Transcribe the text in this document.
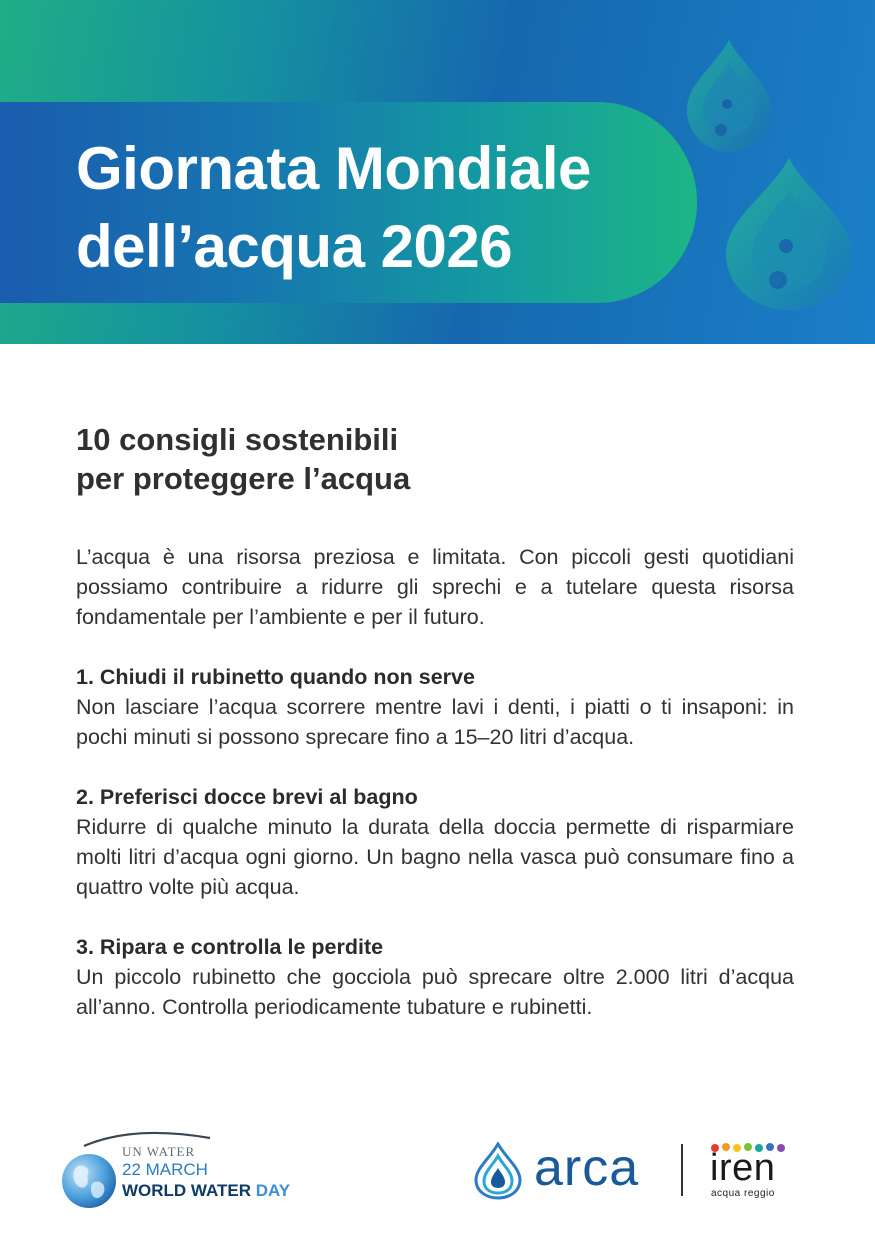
Giornata Mondiale
dell’acqua 2026
10 consigli sostenibili
per proteggere l’acqua

L’acqua è una risorsa preziosa e limitata. Con piccoli gesti quotidiani possiamo contribuire a ridurre gli sprechi e a tutelare questa risorsa fondamentale per l’ambiente e per il futuro.

1. Chiudi il rubinetto quando non serve

Non lasciare l’acqua scorrere mentre lavi i denti, i piatti o ti insaponi: in pochi minuti si possono sprecare fino a 15–20 litri d’acqua.

2. Preferisci docce brevi al bagno

Ridurre di qualche minuto la durata della doccia permette di risparmiare molti litri d’acqua ogni giorno. Un bagno nella vasca può consumare fino a quattro volte più acqua.

3. Ripara e controlla le perdite

Un piccolo rubinetto che gocciola può sprecare oltre 2.000 litri d’acqua all’anno. Controlla periodicamente tubature e rubinetti.

UN WATER
22 MARCH
WORLD WATER DAY	arca iren
acqua reggio
